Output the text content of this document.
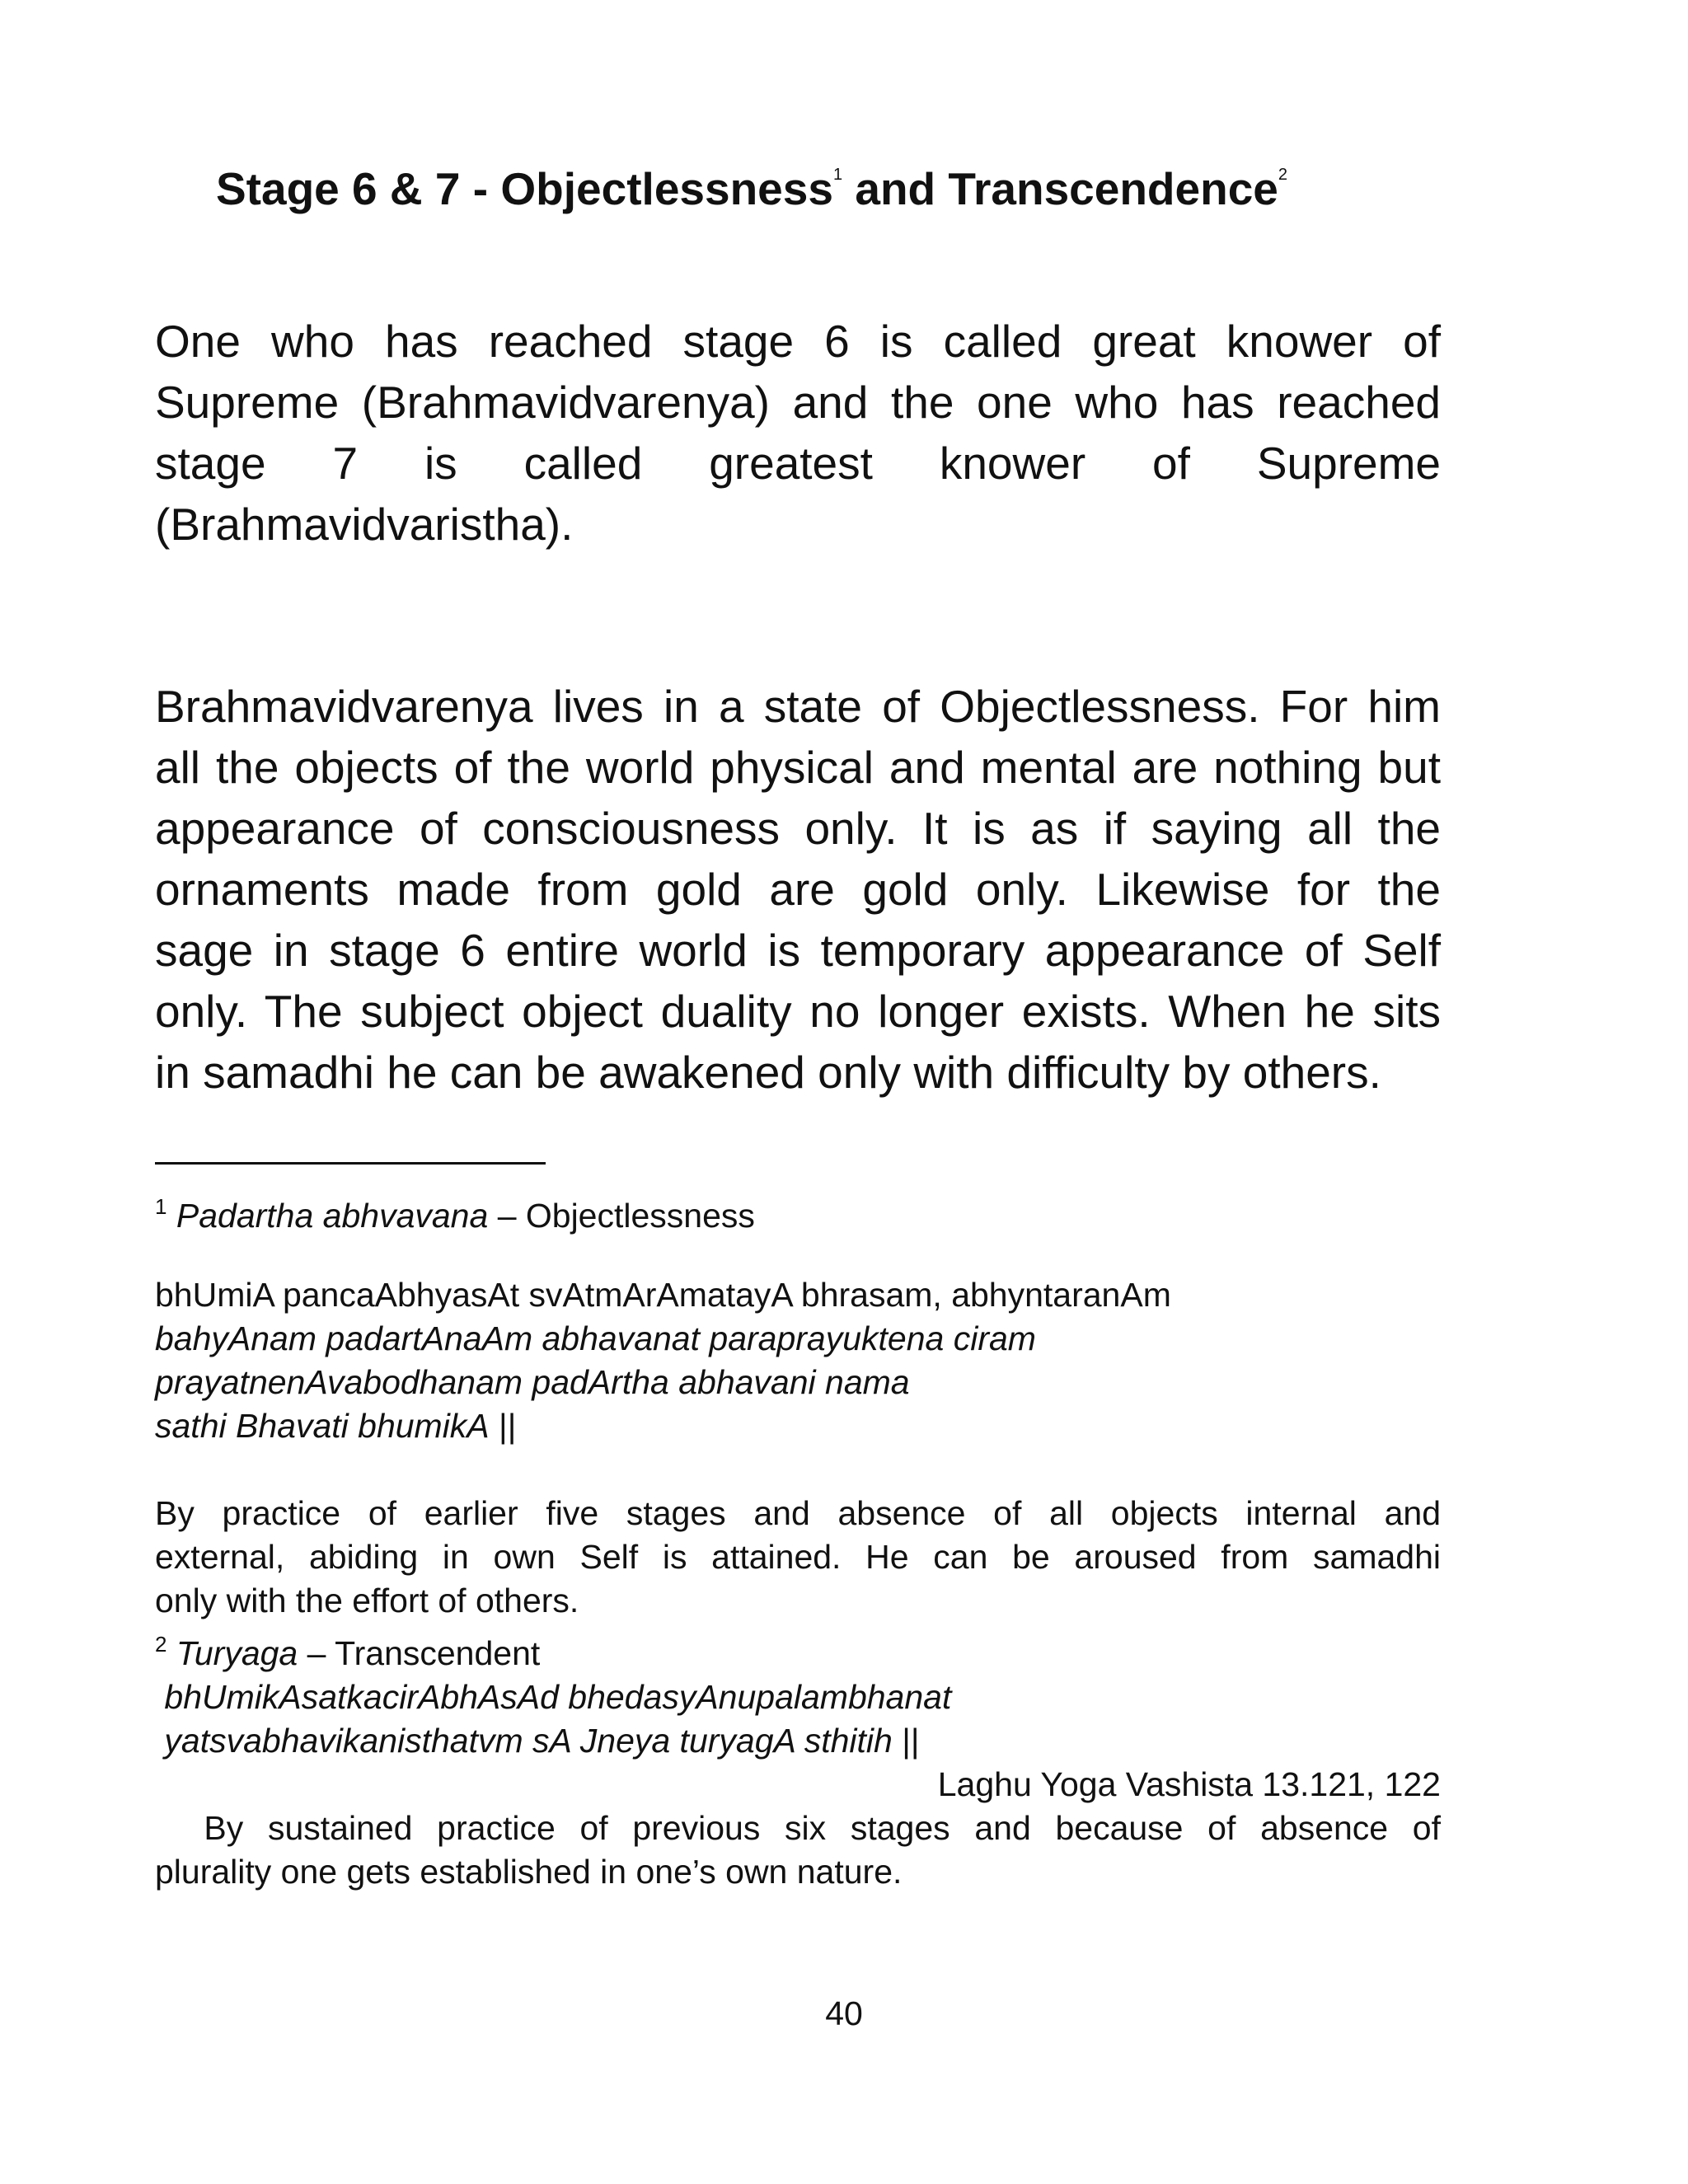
Stage 6 & 7 - Objectlessness$^1$ and Transcendence$^2$
One who has reached stage 6 is called great knower of
Supreme (Brahmavidvarenya) and the one who has reached
stage 7 is called greatest knower of Supreme
(Brahmavidvaristha).
Brahmavidvarenya lives in a state of Objectlessness. For him
all the objects of the world physical and mental are nothing but
appearance of consciousness only. It is as if saying all the
ornaments made from gold are gold only. Likewise for the
sage in stage 6 entire world is temporary appearance of Self
only. The subject object duality no longer exists. When he sits
in samadhi he can be awakened only with difficulty by others.
$^1$ Padartha abhvavana – Objectlessness
bhUmiA pancaAbhyasAt svAtmArAmatayA bhrasam, abhyntaranAm
bahyAnam padartAnaAm abhavanat paraprayuktena ciram
prayatnenAvabodhanam padArtha abhavani nama
sathi Bhavati bhumikA ||
By practice of earlier five stages and absence of all objects internal and
external, abiding in own Self is attained. He can be aroused from samadhi
only with the effort of others.
$^2$ Turyaga – Transcendent
bhUmikAsatkacirAbhAsAd bhedasyAnupalambhanat
yatsvabhavikanisthatvm sA Jneya turyagA sthitih ||
Laghu Yoga Vashista 13.121, 122
By sustained practice of previous six stages and because of absence of
plurality one gets established in one’s own nature.
40
